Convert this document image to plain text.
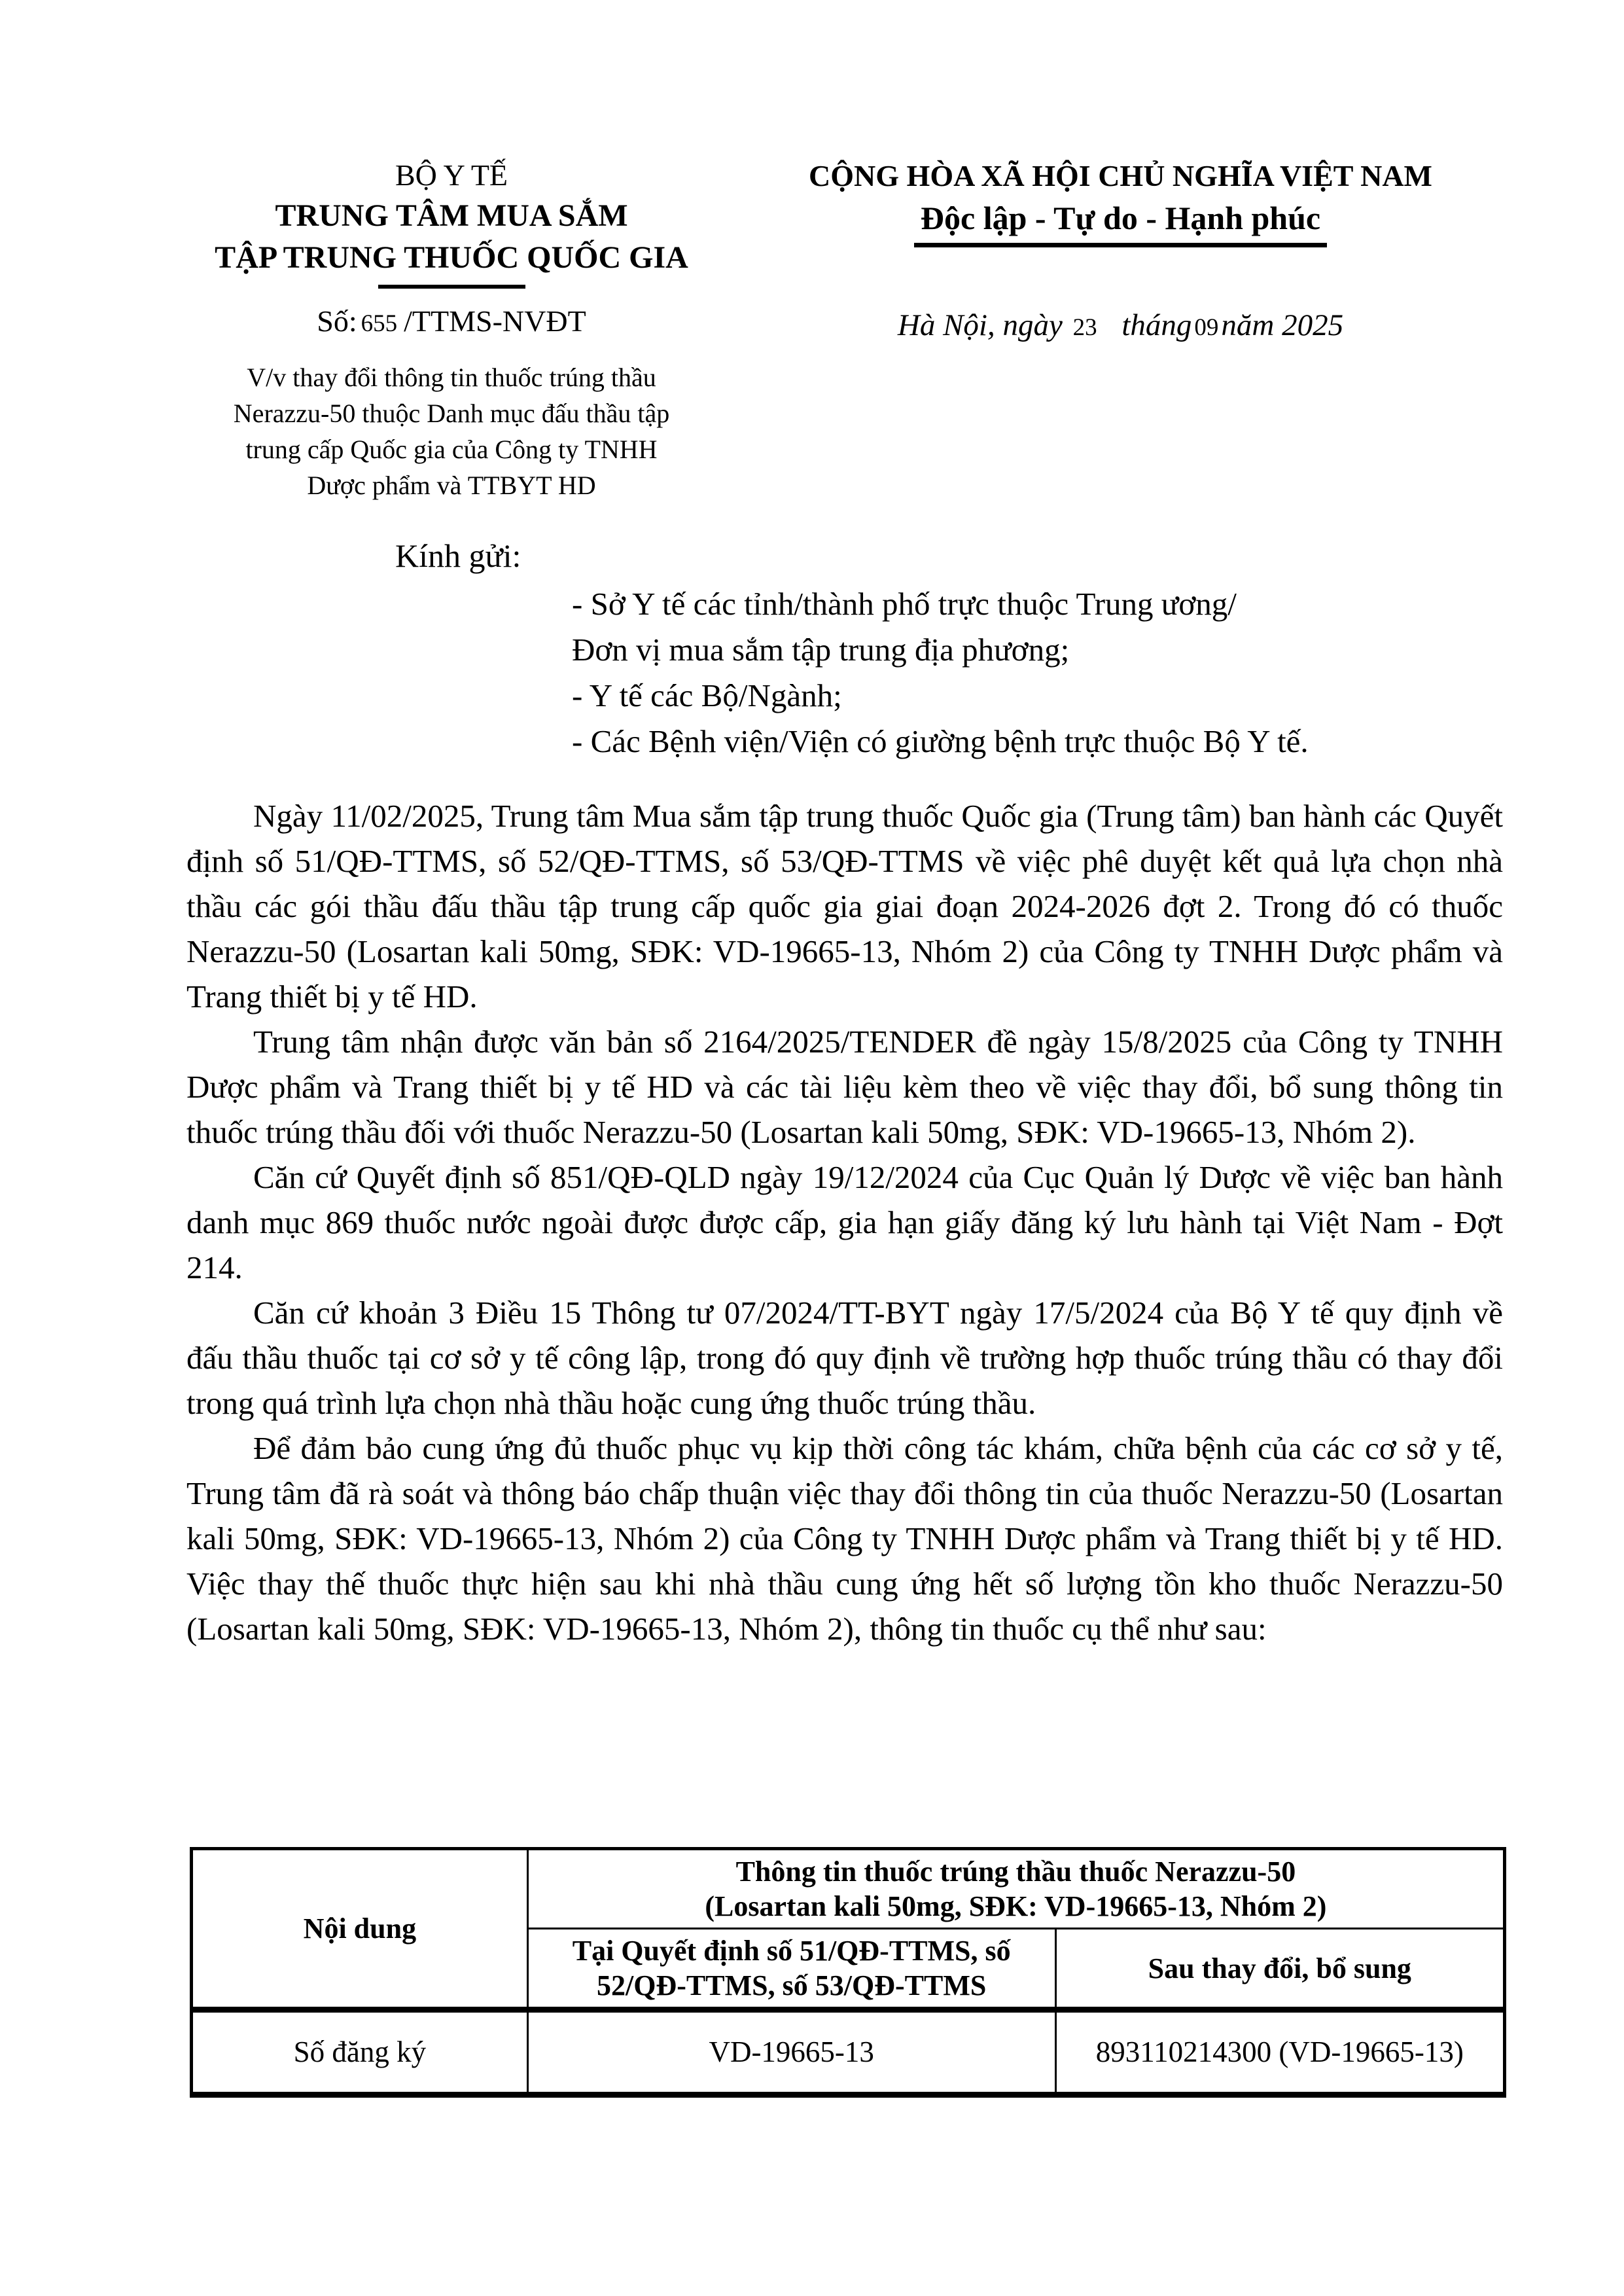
BỘ Y TẾ
TRUNG TÂM MUA SẮM
TẬP TRUNG THUỐC QUỐC GIA
Số: 655 /TTMS-NVĐT
V/v thay đổi thông tin thuốc trúng thầu
Nerazzu-50 thuộc Danh mục đấu thầu tập
trung cấp Quốc gia của Công ty TNHH
Dược phẩm và TTBYT HD
CỘNG HÒA XÃ HỘI CHỦ NGHĨA VIỆT NAM
Độc lập - Tự do - Hạnh phúc
Hà Nội, ngày 23 tháng 09năm 2025
Kính gửi:
- Sở Y tế các tỉnh/thành phố trực thuộc Trung ương/
Đơn vị mua sắm tập trung địa phương;
- Y tế các Bộ/Ngành;
- Các Bệnh viện/Viện có giường bệnh trực thuộc Bộ Y tế.

Ngày 11/02/2025, Trung tâm Mua sắm tập trung thuốc Quốc gia (Trung tâm) ban hành các Quyết định số 51/QĐ-TTMS, số 52/QĐ-TTMS, số 53/QĐ-TTMS về việc phê duyệt kết quả lựa chọn nhà thầu các gói thầu đấu thầu tập trung cấp quốc gia giai đoạn 2024-2026 đợt 2. Trong đó có thuốc Nerazzu-50 (Losartan kali 50mg, SĐK: VD-19665-13, Nhóm 2) của Công ty TNHH Dược phẩm và Trang thiết bị y tế HD.

Trung tâm nhận được văn bản số 2164/2025/TENDER đề ngày 15/8/2025 của Công ty TNHH Dược phẩm và Trang thiết bị y tế HD và các tài liệu kèm theo về việc thay đổi, bổ sung thông tin thuốc trúng thầu đối với thuốc Nerazzu-50 (Losartan kali 50mg, SĐK: VD-19665-13, Nhóm 2).

Căn cứ Quyết định số 851/QĐ-QLD ngày 19/12/2024 của Cục Quản lý Dược về việc ban hành danh mục 869 thuốc nước ngoài được được cấp, gia hạn giấy đăng ký lưu hành tại Việt Nam - Đợt 214.

Căn cứ khoản 3 Điều 15 Thông tư 07/2024/TT-BYT ngày 17/5/2024 của Bộ Y tế quy định về đấu thầu thuốc tại cơ sở y tế công lập, trong đó quy định về trường hợp thuốc trúng thầu có thay đổi trong quá trình lựa chọn nhà thầu hoặc cung ứng thuốc trúng thầu.

Để đảm bảo cung ứng đủ thuốc phục vụ kịp thời công tác khám, chữa bệnh của các cơ sở y tế, Trung tâm đã rà soát và thông báo chấp thuận việc thay đổi thông tin của thuốc Nerazzu-50 (Losartan kali 50mg, SĐK: VD-19665-13, Nhóm 2) của Công ty TNHH Dược phẩm và Trang thiết bị y tế HD. Việc thay thế thuốc thực hiện sau khi nhà thầu cung ứng hết số lượng tồn kho thuốc Nerazzu-50 (Losartan kali 50mg, SĐK: VD-19665-13, Nhóm 2), thông tin thuốc cụ thể như sau:

Nội dung	Thông tin thuốc trúng thầu thuốc Nerazzu-50
(Losartan kali 50mg, SĐK: VD-19665-13, Nhóm 2)	

	Tại Quyết định số 51/QĐ-TTMS, số 52/QĐ-TTMS, số 53/QĐ-TTMS	Sau thay đổi, bổ sung
Số đăng ký	VD-19665-13	893110214300 (VD-19665-13)
